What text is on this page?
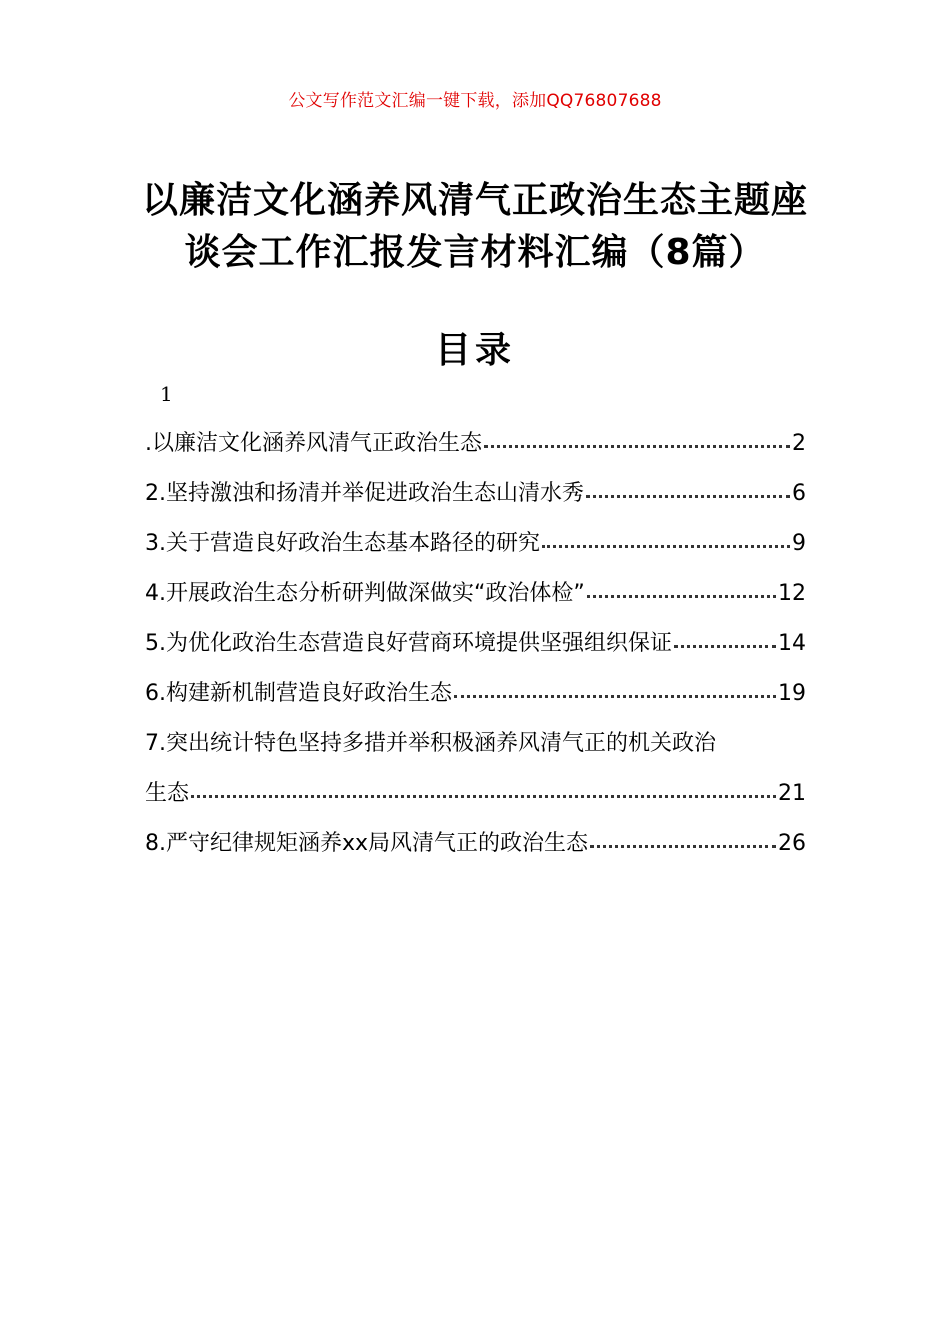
公文写作范文汇编一键下载，添加QQ76807688
以廉洁文化涵养风清气正政治生态主题座
谈会工作汇报发言材料汇编（8篇）
目录
1
.以廉洁文化涵养风清气正政治生态	2
2.坚持激浊和扬清并举促进政治生态山清水秀	6
3.关于营造良好政治生态基本路径的研究	9
4.开展政治生态分析研判做深做实“政治体检”	12
5.为优化政治生态营造良好营商环境提供坚强组织保证	14
6.构建新机制营造良好政治生态	19
7.突出统计特色坚持多措并举积极涵养风清气正的机关政治
生态	21
8.严守纪律规矩涵养xx局风清气正的政治生态	26
